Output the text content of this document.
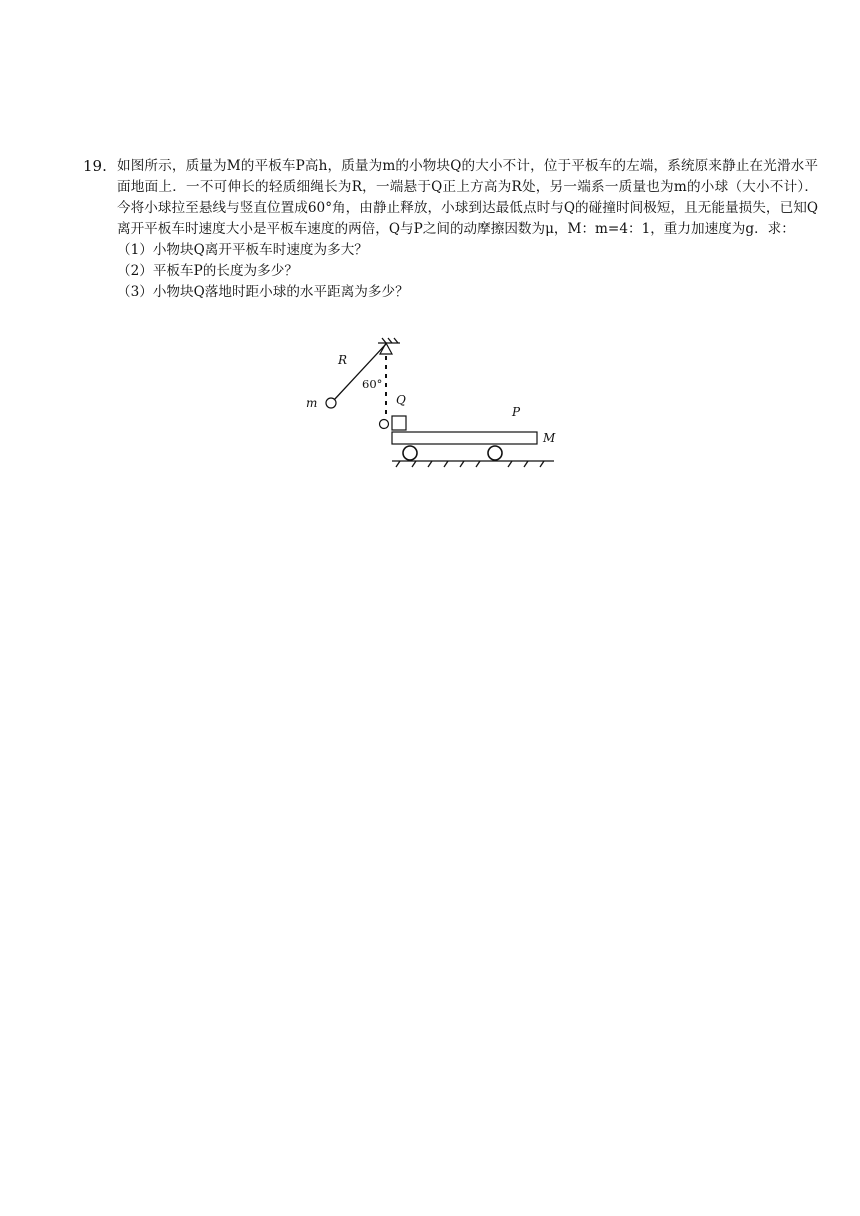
19. 如图所示，质量为M的平板车P高h，质量为m的小物块Q的大小不计，位于平板车的左端，系统原来静止在光滑水平面地面上．一不可伸长的轻质细绳长为R，一端悬于Q正上方高为R处，另一端系一质量也为m的小球（大小不计）．今将小球拉至悬线与竖直位置成60°角，由静止释放，小球到达最低点时与Q的碰撞时间极短，且无能量损失，已知Q离开平板车时速度大小是平板车速度的两倍，Q与P之间的动摩擦因数为μ，M：m=4：1，重力加速度为g．求：
（1）小物块Q离开平板车时速度为多大？
（2）平板车P的长度为多少？
（3）小物块Q落地时距小球的水平距离为多少？
R
60°
m	Q
P
M
